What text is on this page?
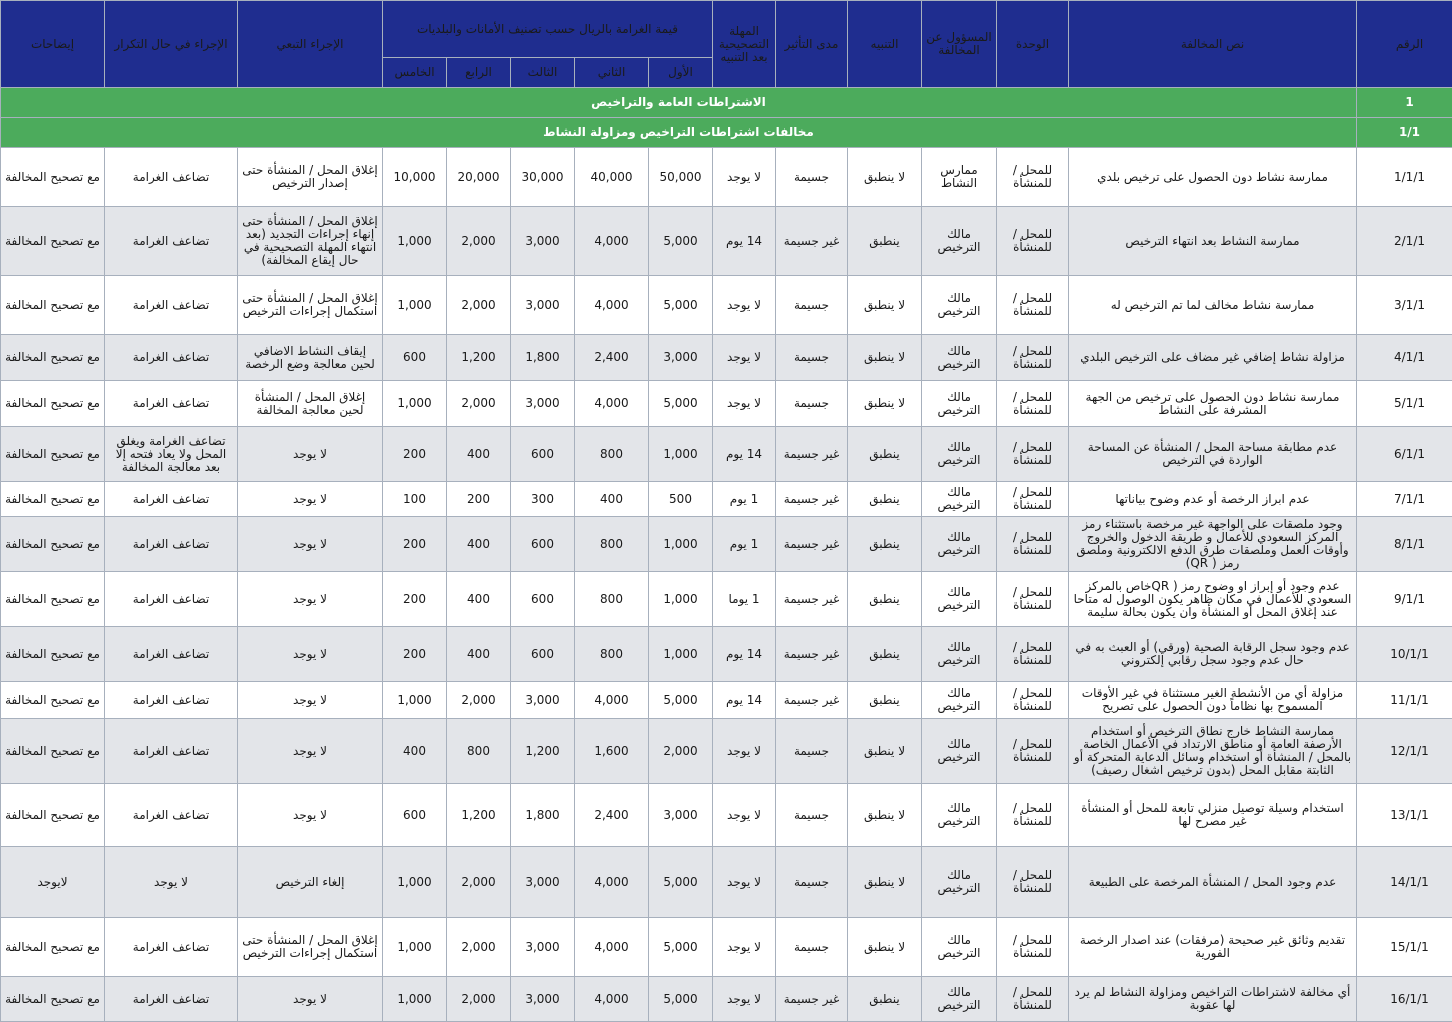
الرقم	نص المخالفة	الوحدة	المسؤول عن المخالفة	التنبيه	مدى التأثير	المهلة التصحيحية بعد التنبيه	قيمة الغرامة بالريال حسب تصنيف الأمانات والبلديات					الإجراء التبعي	الإجراء في حال التكرار	إيضاحات
							الأول	الثاني	الثالث	الرابع	الخامس			
1	الاشتراطات العامة والتراخيص													
1/1	مخالفات اشتراطات التراخيص ومزاولة النشاط													
1/1/1	ممارسة نشاط دون الحصول على ترخيص بلدي	للمحل / للمنشأة	ممارس النشاط	لا ينطبق	جسيمة	لا يوجد	50,000	40,000	30,000	20,000	10,000	إغلاق المحل / المنشأة حتى إصدار الترخيص	تضاعف الغرامة	مع تصحيح المخالفة
2/1/1	ممارسة النشاط بعد انتهاء الترخيص	للمحل / للمنشأة	مالك الترخيص	ينطبق	غير جسيمة	14 يوم	5,000	4,000	3,000	2,000	1,000	إغلاق المحل / المنشأة حتى إنهاء إجراءات التجديد (بعد انتهاء المهلة التصحيحية في حال إيقاع المخالفة)	تضاعف الغرامة	مع تصحيح المخالفة
3/1/1	ممارسة نشاط مخالف لما تم الترخيص له	للمحل / للمنشأة	مالك الترخيص	لا ينطبق	جسيمة	لا يوجد	5,000	4,000	3,000	2,000	1,000	إغلاق المحل / المنشأة حتى استكمال إجراءات الترخيص	تضاعف الغرامة	مع تصحيح المخالفة
4/1/1	مزاولة نشاط إضافي غير مضاف على الترخيص البلدي	للمحل / للمنشأة	مالك الترخيص	لا ينطبق	جسيمة	لا يوجد	3,000	2,400	1,800	1,200	600	إيقاف النشاط الاضافي لحين معالجة وضع الرخصة	تضاعف الغرامة	مع تصحيح المخالفة
5/1/1	ممارسة نشاط دون الحصول على ترخيص من الجهة المشرفة على النشاط	للمحل / للمنشأة	مالك الترخيص	لا ينطبق	جسيمة	لا يوجد	5,000	4,000	3,000	2,000	1,000	إغلاق المحل / المنشأة لحين معالجة المخالفة	تضاعف الغرامة	مع تصحيح المخالفة
6/1/1	عدم مطابقة مساحة المحل / المنشأة عن المساحة الواردة في الترخيص	للمحل / للمنشأة	مالك الترخيص	ينطبق	غير جسيمة	14 يوم	1,000	800	600	400	200	لا يوجد	تضاعف الغرامة ويغلق المحل ولا يعاد فتحه إلا بعد معالجة المخالفة	مع تصحيح المخالفة
7/1/1	عدم ابراز الرخصة أو عدم وضوح بياناتها	للمحل / للمنشأة	مالك الترخيص	ينطبق	غير جسيمة	1 يوم	500	400	300	200	100	لا يوجد	تضاعف الغرامة	مع تصحيح المخالفة
8/1/1	وجود ملصقات على الواجهة غير مرخصة باستثناء رمز المركز السعودي للأعمال و طريقة الدخول والخروج وأوقات العمل وملصقات طرق الدفع الالكترونية وملصق رمز ( QR)	للمحل / للمنشأة	مالك الترخيص	ينطبق	غير جسيمة	1 يوم	1,000	800	600	400	200	لا يوجد	تضاعف الغرامة	مع تصحيح المخالفة
9/1/1	عدم وجود أو إبراز او وضوح رمز ( QRخاص بالمركز السعودي للأعمال في مكان ظاهر يكون الوصول له متاحا عند إغلاق المحل أو المنشأة وان يكون بحالة سليمة	للمحل / للمنشأة	مالك الترخيص	ينطبق	غير جسيمة	1 يوما	1,000	800	600	400	200	لا يوجد	تضاعف الغرامة	مع تصحيح المخالفة
10/1/1	عدم وجود سجل الرقابة الصحية (ورقي) أو العبث به في حال عدم وجود سجل رقابي إلكتروني	للمحل / للمنشأة	مالك الترخيص	ينطبق	غير جسيمة	14 يوم	1,000	800	600	400	200	لا يوجد	تضاعف الغرامة	مع تصحيح المخالفة
11/1/1	مزاولة أي من الأنشطة الغير مستثناة في غير الأوقات المسموح بها نظاماً دون الحصول على تصريح	للمحل / للمنشأة	مالك الترخيص	ينطبق	غير جسيمة	14 يوم	5,000	4,000	3,000	2,000	1,000	لا يوجد	تضاعف الغرامة	مع تصحيح المخالفة
12/1/1	ممارسة النشاط خارج نطاق الترخيص أو استخدام الأرصفة العامة أو مناطق الارتداد في الأعمال الخاصة بالمحل / المنشأة أو استخدام وسائل الدعاية المتحركة أو الثابتة مقابل المحل (بدون ترخيص اشغال رصيف)	للمحل / للمنشأة	مالك الترخيص	لا ينطبق	جسيمة	لا يوجد	2,000	1,600	1,200	800	400	لا يوجد	تضاعف الغرامة	مع تصحيح المخالفة
13/1/1	استخدام وسيلة توصيل منزلي تابعة للمحل أو المنشأة غير مصرح لها	للمحل / للمنشأة	مالك الترخيص	لا ينطبق	جسيمة	لا يوجد	3,000	2,400	1,800	1,200	600	لا يوجد	تضاعف الغرامة	مع تصحيح المخالفة
14/1/1	عدم وجود المحل / المنشأة المرخصة على الطبيعة	للمحل / للمنشأة	مالك الترخيص	لا ينطبق	جسيمة	لا يوجد	5,000	4,000	3,000	2,000	1,000	إلغاء الترخيص	لا يوجد	لايوجد
15/1/1	تقديم وثائق غير صحيحة (مرفقات) عند اصدار الرخصة الفورية	للمحل / للمنشأة	مالك الترخيص	لا ينطبق	جسيمة	لا يوجد	5,000	4,000	3,000	2,000	1,000	إغلاق المحل / المنشأة حتى استكمال إجراءات الترخيص	تضاعف الغرامة	مع تصحيح المخالفة
16/1/1	أي مخالفة لاشتراطات التراخيص ومزاولة النشاط لم يرد لها عقوبة	للمحل / للمنشأة	مالك الترخيص	ينطبق	غير جسيمة	لا يوجد	5,000	4,000	3,000	2,000	1,000	لا يوجد	تضاعف الغرامة	مع تصحيح المخالفة
